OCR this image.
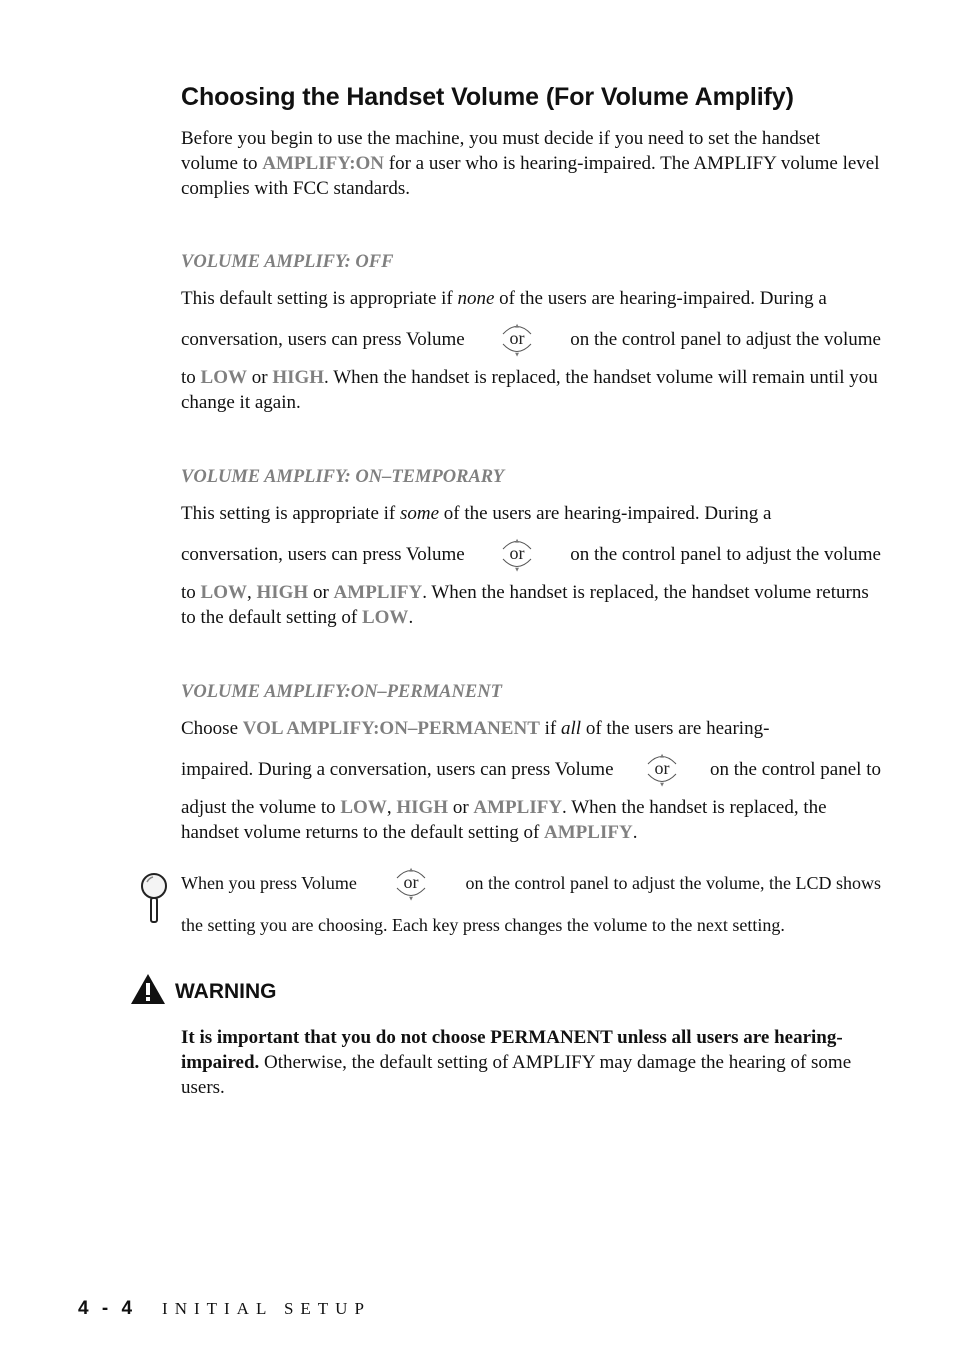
Choosing the Handset Volume (For Volume Amplify)

Before you begin to use the machine, you must decide if you need to set the handset volume to AMPLIFY:ON for a user who is hearing-impaired. The AMPLIFY volume level complies with FCC standards.

VOLUME AMPLIFY: OFF

This default setting is appropriate if none of the users are hearing-impaired. During a

conversation, users can press Volume
▲
▼
or on the control panel to adjust the volume

to LOW or HIGH. When the handset is replaced, the handset volume will remain until you change it again.

VOLUME AMPLIFY: ON–TEMPORARY

This setting is appropriate if some of the users are hearing-impaired. During a

conversation, users can press Volume
▲
▼
or on the control panel to adjust the volume

to LOW, HIGH or AMPLIFY. When the handset is replaced, the handset volume returns to the default setting of LOW.

VOLUME AMPLIFY:ON–PERMANENT

Choose VOL AMPLIFY:ON–PERMANENT if all of the users are hearing-

impaired. During a conversation, users can press Volume
▲
▼
or on the control panel to

adjust the volume to LOW, HIGH or AMPLIFY. When the handset is replaced, the handset volume returns to the default setting of AMPLIFY.

When you press Volume
▲
▼
or	on the control panel to adjust the volume, the LCD shows

the setting you are choosing. Each key press changes the volume to the next setting.

WARNING

It is important that you do not choose PERMANENT unless all users are hearing-impaired. Otherwise, the default setting of AMPLIFY may damage the hearing of some users.

4 - 4 INITIAL SETUP
